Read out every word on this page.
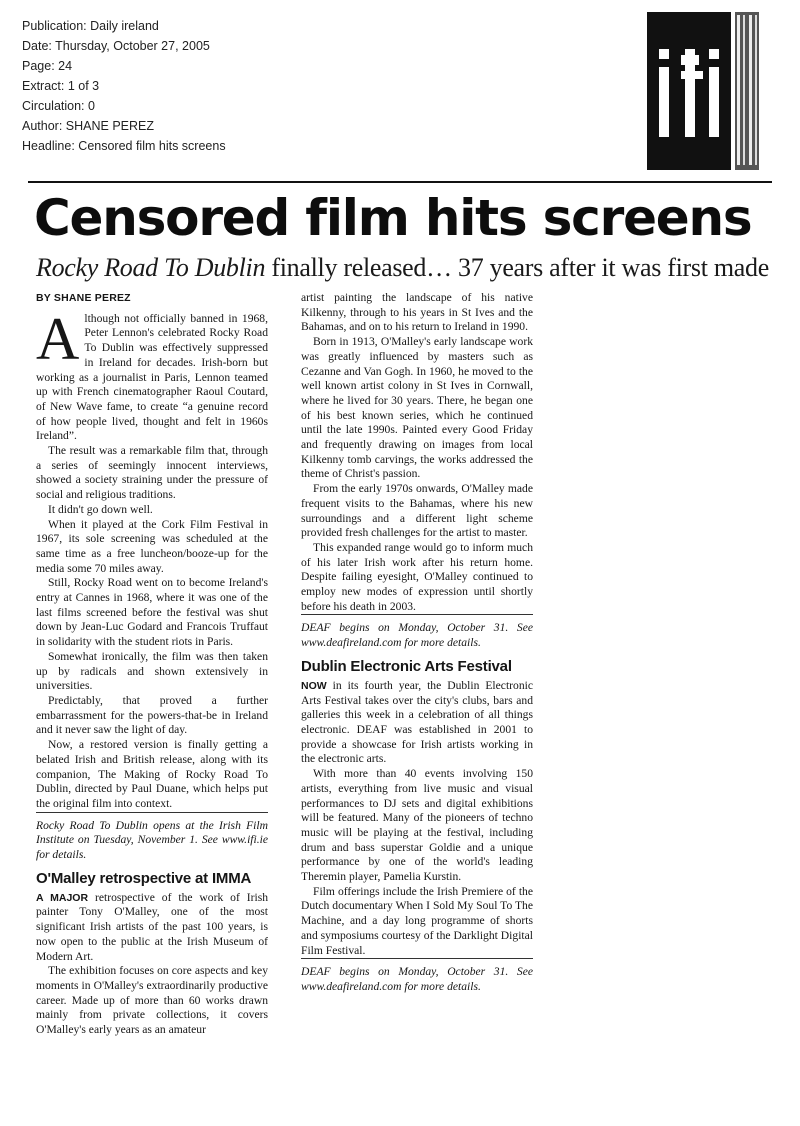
Publication: Daily ireland
Date: Thursday, October 27, 2005
Page: 24
Extract: 1 of 3
Circulation: 0
Author: SHANE PEREZ
Headline: Censored film hits screens
Censored film hits screens
Rocky Road To Dublin finally released… 37 years after it was first made
BY SHANE PEREZ

Although not officially banned in 1968, Peter Lennon's celebrated Rocky Road To Dublin was effectively suppressed in Ireland for decades. Irish-born but working as a journalist in Paris, Lennon teamed up with French cinematographer Raoul Coutard, of New Wave fame, to create “a genuine record of how people lived, thought and felt in 1960s Ireland”.

The result was a remarkable film that, through a series of seemingly innocent interviews, showed a society straining under the pressure of social and religious traditions.

It didn't go down well.

When it played at the Cork Film Festival in 1967, its sole screening was scheduled at the same time as a free luncheon/booze-up for the media some 70 miles away.

Still, Rocky Road went on to become Ireland's entry at Cannes in 1968, where it was one of the last films screened before the festival was shut down by Jean-Luc Godard and Francois Truffaut in solidarity with the student riots in Paris.

Somewhat ironically, the film was then taken up by radicals and shown extensively in universities.

Predictably, that proved a further embarrassment for the powers-that-be in Ireland and it never saw the light of day.

Now, a restored version is finally getting a belated Irish and British release, along with its companion, The Making of Rocky Road To Dublin, directed by Paul Duane, which helps put the original film into context.

Rocky Road To Dublin opens at the Irish Film Institute on Tuesday, November 1. See www.ifi.ie for details.

O'Malley retrospective at IMMA

A MAJOR retrospective of the work of Irish painter Tony O'Malley, one of the most significant Irish artists of the past 100 years, is now open to the public at the Irish Museum of Modern Art.

The exhibition focuses on core aspects and key moments in O'Malley's extraordinarily productive career. Made up of more than 60 works drawn mainly from private collections, it covers O'Malley's early years as an amateur

artist painting the landscape of his native Kilkenny, through to his years in St Ives and the Bahamas, and on to his return to Ireland in 1990.

Born in 1913, O'Malley's early landscape work was greatly influenced by masters such as Cezanne and Van Gogh. In 1960, he moved to the well known artist colony in St Ives in Cornwall, where he lived for 30 years. There, he began one of his best known series, which he continued until the late 1990s. Painted every Good Friday and frequently drawing on images from local Kilkenny tomb carvings, the works addressed the theme of Christ's passion.

From the early 1970s onwards, O'Malley made frequent visits to the Bahamas, where his new surroundings and a different light scheme provided fresh challenges for the artist to master.

This expanded range would go to inform much of his later Irish work after his return home. Despite failing eyesight, O'Malley continued to employ new modes of expression until shortly before his death in 2003.

DEAF begins on Monday, October 31. See www.deafireland.com for more details.

Dublin Electronic Arts Festival

NOW in its fourth year, the Dublin Electronic Arts Festival takes over the city's clubs, bars and galleries this week in a celebration of all things electronic. DEAF was established in 2001 to provide a showcase for Irish artists working in the electronic arts.

With more than 40 events involving 150 artists, everything from live music and visual performances to DJ sets and digital exhibitions will be featured. Many of the pioneers of techno music will be playing at the festival, including drum and bass superstar Goldie and a unique performance by one of the world's leading Theremin player, Pamelia Kurstin.

Film offerings include the Irish Premiere of the Dutch documentary When I Sold My Soul To The Machine, and a day long programme of shorts and symposiums courtesy of the Darklight Digital Film Festival.

DEAF begins on Monday, October 31. See www.deafireland.com for more details.
